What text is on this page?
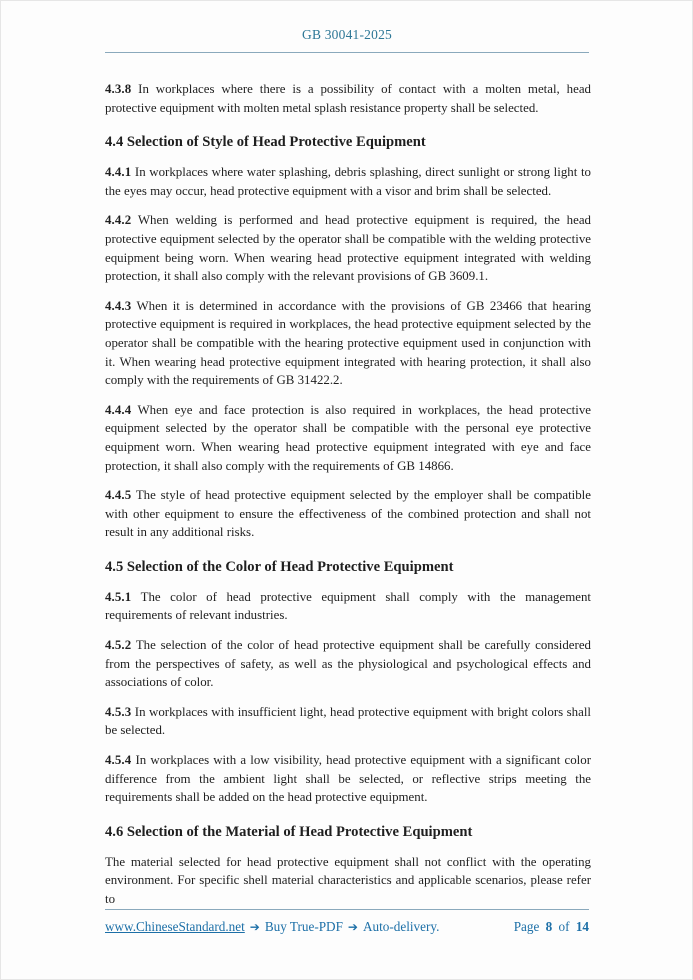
GB 30041-2025

4.3.8 In workplaces where there is a possibility of contact with a molten metal, head protective equipment with molten metal splash resistance property shall be selected.

4.4 Selection of Style of Head Protective Equipment

4.4.1 In workplaces where water splashing, debris splashing, direct sunlight or strong light to the eyes may occur, head protective equipment with a visor and brim shall be selected.

4.4.2 When welding is performed and head protective equipment is required, the head protective equipment selected by the operator shall be compatible with the welding protective equipment being worn. When wearing head protective equipment integrated with welding protection, it shall also comply with the relevant provisions of GB 3609.1.

4.4.3 When it is determined in accordance with the provisions of GB 23466 that hearing protective equipment is required in workplaces, the head protective equipment selected by the operator shall be compatible with the hearing protective equipment used in conjunction with it. When wearing head protective equipment integrated with hearing protection, it shall also comply with the requirements of GB 31422.2.

4.4.4 When eye and face protection is also required in workplaces, the head protective equipment selected by the operator shall be compatible with the personal eye protective equipment worn. When wearing head protective equipment integrated with eye and face protection, it shall also comply with the requirements of GB 14866.

4.4.5 The style of head protective equipment selected by the employer shall be compatible with other equipment to ensure the effectiveness of the combined protection and shall not result in any additional risks.

4.5 Selection of the Color of Head Protective Equipment

4.5.1 The color of head protective equipment shall comply with the management requirements of relevant industries.

4.5.2 The selection of the color of head protective equipment shall be carefully considered from the perspectives of safety, as well as the physiological and psychological effects and associations of color.

4.5.3 In workplaces with insufficient light, head protective equipment with bright colors shall be selected.

4.5.4 In workplaces with a low visibility, head protective equipment with a significant color difference from the ambient light shall be selected, or reflective strips meeting the requirements shall be added on the head protective equipment.

4.6 Selection of the Material of Head Protective Equipment

The material selected for head protective equipment shall not conflict with the operating environment. For specific shell material characteristics and applicable scenarios, please refer to

www.ChineseStandard.net ➔ Buy True-PDF ➔ Auto-delivery.	Page 8 of 14
